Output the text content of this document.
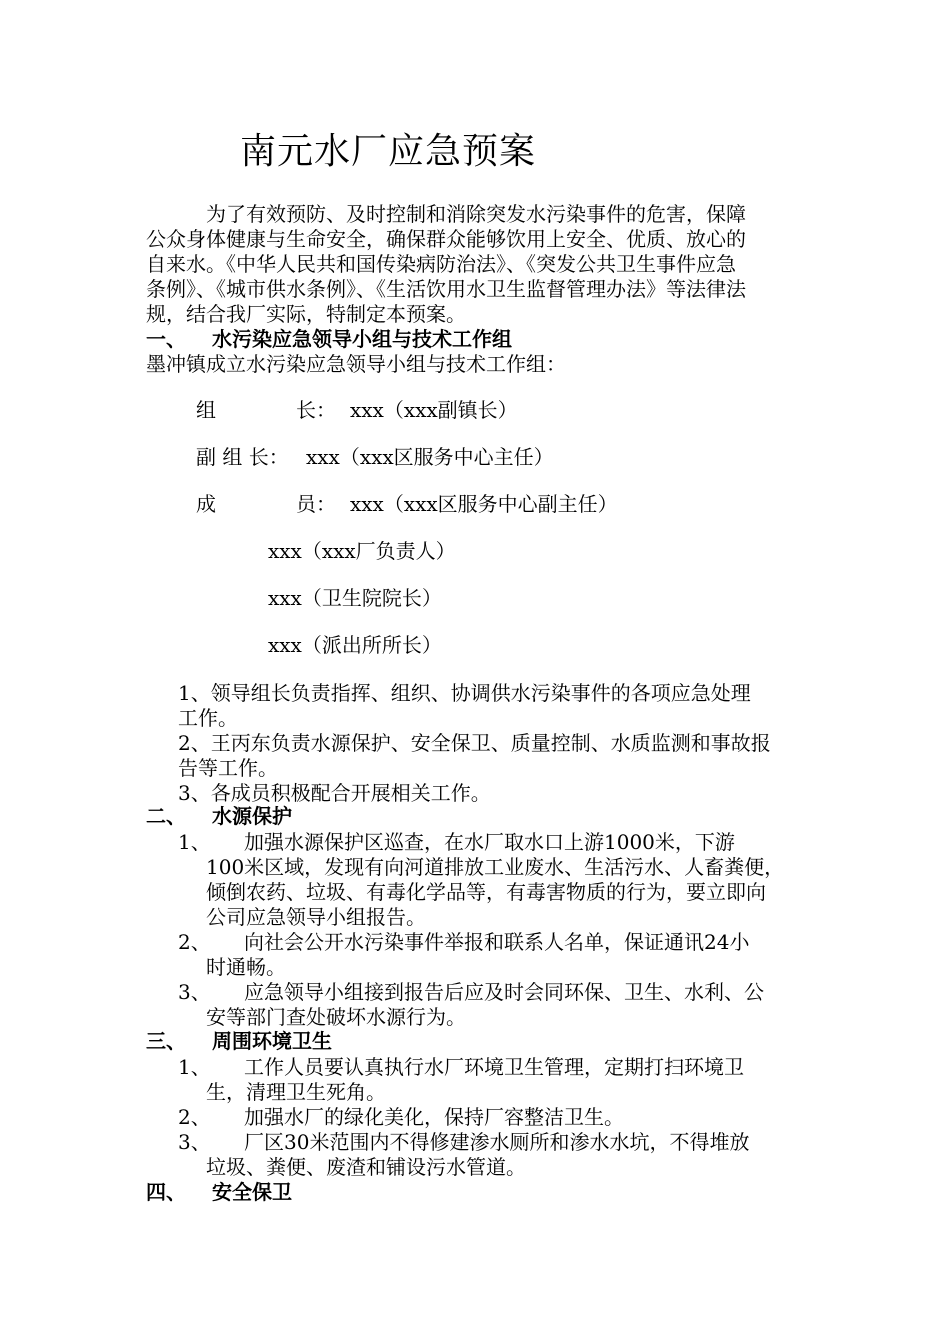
南元水厂应急预案
为了有效预防、及时控制和消除突发水污染事件的危害，保障
公众身体健康与生命安全，确保群众能够饮用上安全、优质、放心的
自来水。《中华人民共和国传染病防治法》、《突发公共卫生事件应急
条例》、《城市供水条例》、《生活饮用水卫生监督管理办法》等法律法
规，结合我厂实际，特制定本预案。
一、 水污染应急领导小组与技术工作组
墨冲镇成立水污染应急领导小组与技术工作组：
组　　　　长： xxx（xxx副镇长）
副 组 长： xxx（xxx区服务中心主任）
成　　　　员： xxx（xxx区服务中心副主任）
xxx（xxx厂负责人）
xxx（卫生院院长）
xxx（派出所所长）
1、领导组长负责指挥、组织、协调供水污染事件的各项应急处理
工作。
2、王丙东负责水源保护、安全保卫、质量控制、水质监测和事故报
告等工作。
3、各成员积极配合开展相关工作。
二、 水源保护
1、 加强水源保护区巡查，在水厂取水口上游1000米，下游
100米区域，发现有向河道排放工业废水、生活污水、人畜粪便，
倾倒农药、垃圾、有毒化学品等，有毒害物质的行为，要立即向
公司应急领导小组报告。
2、 向社会公开水污染事件举报和联系人名单，保证通讯24小
时通畅。
3、 应急领导小组接到报告后应及时会同环保、卫生、水利、公
安等部门查处破坏水源行为。
三、 周围环境卫生
1、 工作人员要认真执行水厂环境卫生管理，定期打扫环境卫
生，清理卫生死角。
2、 加强水厂的绿化美化，保持厂容整洁卫生。
3、 厂区30米范围内不得修建渗水厕所和渗水水坑，不得堆放
垃圾、粪便、废渣和铺设污水管道。
四、 安全保卫
